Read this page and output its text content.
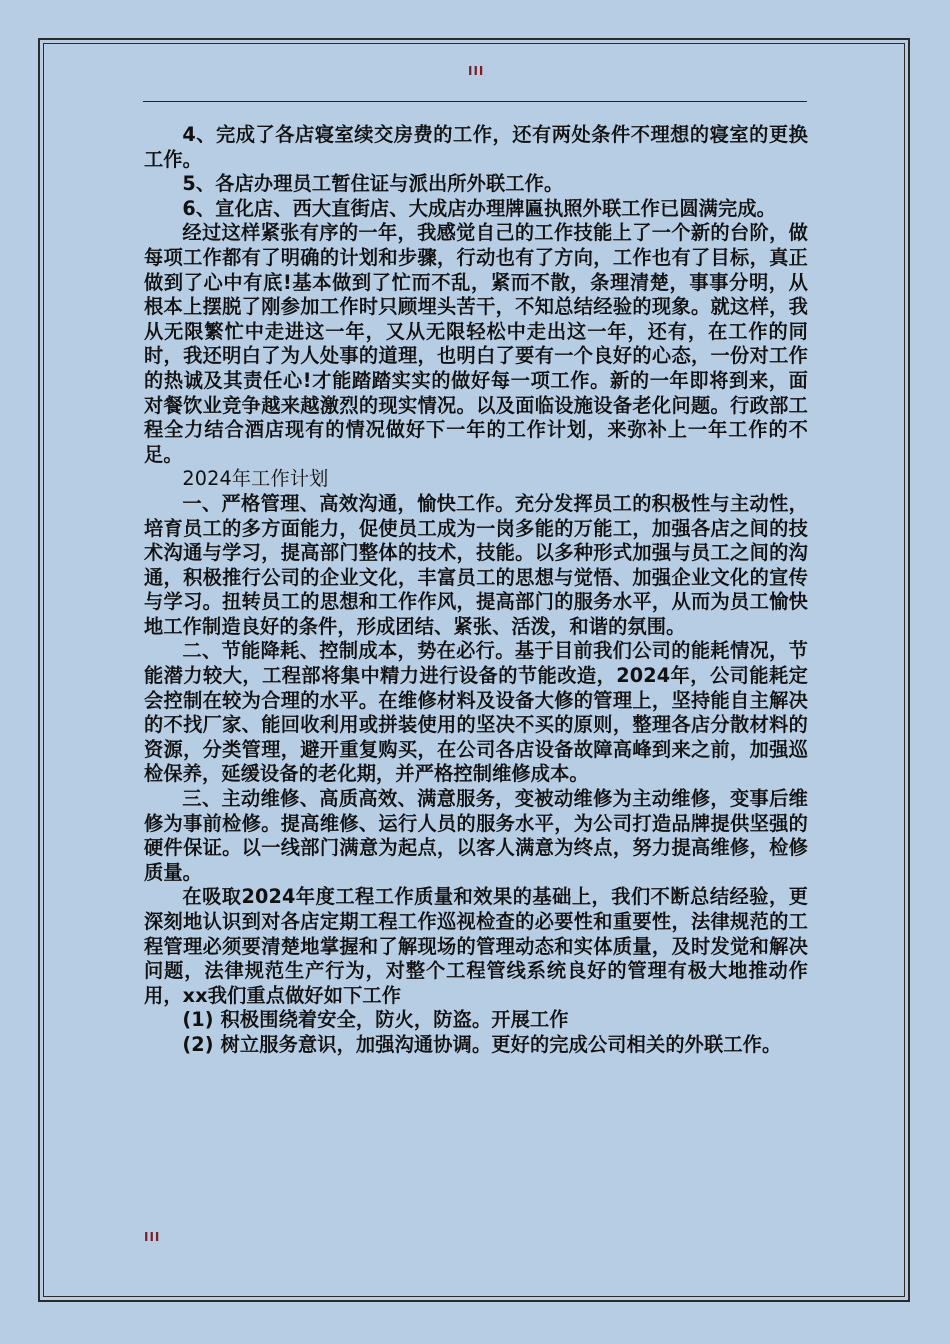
III

4、完成了各店寝室续交房费的工作，还有两处条件不理想的寝室的更换工作。

5、各店办理员工暂住证与派出所外联工作。

6、宣化店、西大直街店、大成店办理牌匾执照外联工作已圆满完成。

经过这样紧张有序的一年，我感觉自己的工作技能上了一个新的台阶，做每项工作都有了明确的计划和步骤，行动也有了方向，工作也有了目标，真正做到了心中有底!基本做到了忙而不乱，紧而不散，条理清楚，事事分明，从根本上摆脱了刚参加工作时只顾埋头苦干，不知总结经验的现象。就这样，我从无限繁忙中走进这一年，又从无限轻松中走出这一年，还有，在工作的同时，我还明白了为人处事的道理，也明白了要有一个良好的心态，一份对工作的热诚及其责任心!才能踏踏实实的做好每一项工作。新的一年即将到来，面对餐饮业竞争越来越激烈的现实情况。以及面临设施设备老化问题。行政部工程全力结合酒店现有的情况做好下一年的工作计划，来弥补上一年工作的不足。

2024年工作计划

一、严格管理、高效沟通，愉快工作。充分发挥员工的积极性与主动性，培育员工的多方面能力，促使员工成为一岗多能的万能工，加强各店之间的技术沟通与学习，提高部门整体的技术，技能。以多种形式加强与员工之间的沟通，积极推行公司的企业文化，丰富员工的思想与觉悟、加强企业文化的宣传与学习。扭转员工的思想和工作作风，提高部门的服务水平，从而为员工愉快地工作制造良好的条件，形成团结、紧张、活泼，和谐的氛围。

二、节能降耗、控制成本，势在必行。基于目前我们公司的能耗情况，节能潜力较大，工程部将集中精力进行设备的节能改造，2024年，公司能耗定会控制在较为合理的水平。在维修材料及设备大修的管理上，坚持能自主解决的不找厂家、能回收利用或拼装使用的坚决不买的原则，整理各店分散材料的资源，分类管理，避开重复购买，在公司各店设备故障高峰到来之前，加强巡检保养，延缓设备的老化期，并严格控制维修成本。

三、主动维修、高质高效、满意服务，变被动维修为主动维修，变事后维修为事前检修。提高维修、运行人员的服务水平，为公司打造品牌提供坚强的硬件保证。以一线部门满意为起点，以客人满意为终点，努力提高维修，检修质量。

在吸取2024年度工程工作质量和效果的基础上，我们不断总结经验，更深刻地认识到对各店定期工程工作巡视检查的必要性和重要性，法律规范的工程管理必须要清楚地掌握和了解现场的管理动态和实体质量，及时发觉和解决问题，法律规范生产行为，对整个工程管线系统良好的管理有极大地推动作用，xx我们重点做好如下工作

(1) 积极围绕着安全，防火，防盗。开展工作

(2) 树立服务意识，加强沟通协调。更好的完成公司相关的外联工作。

III
